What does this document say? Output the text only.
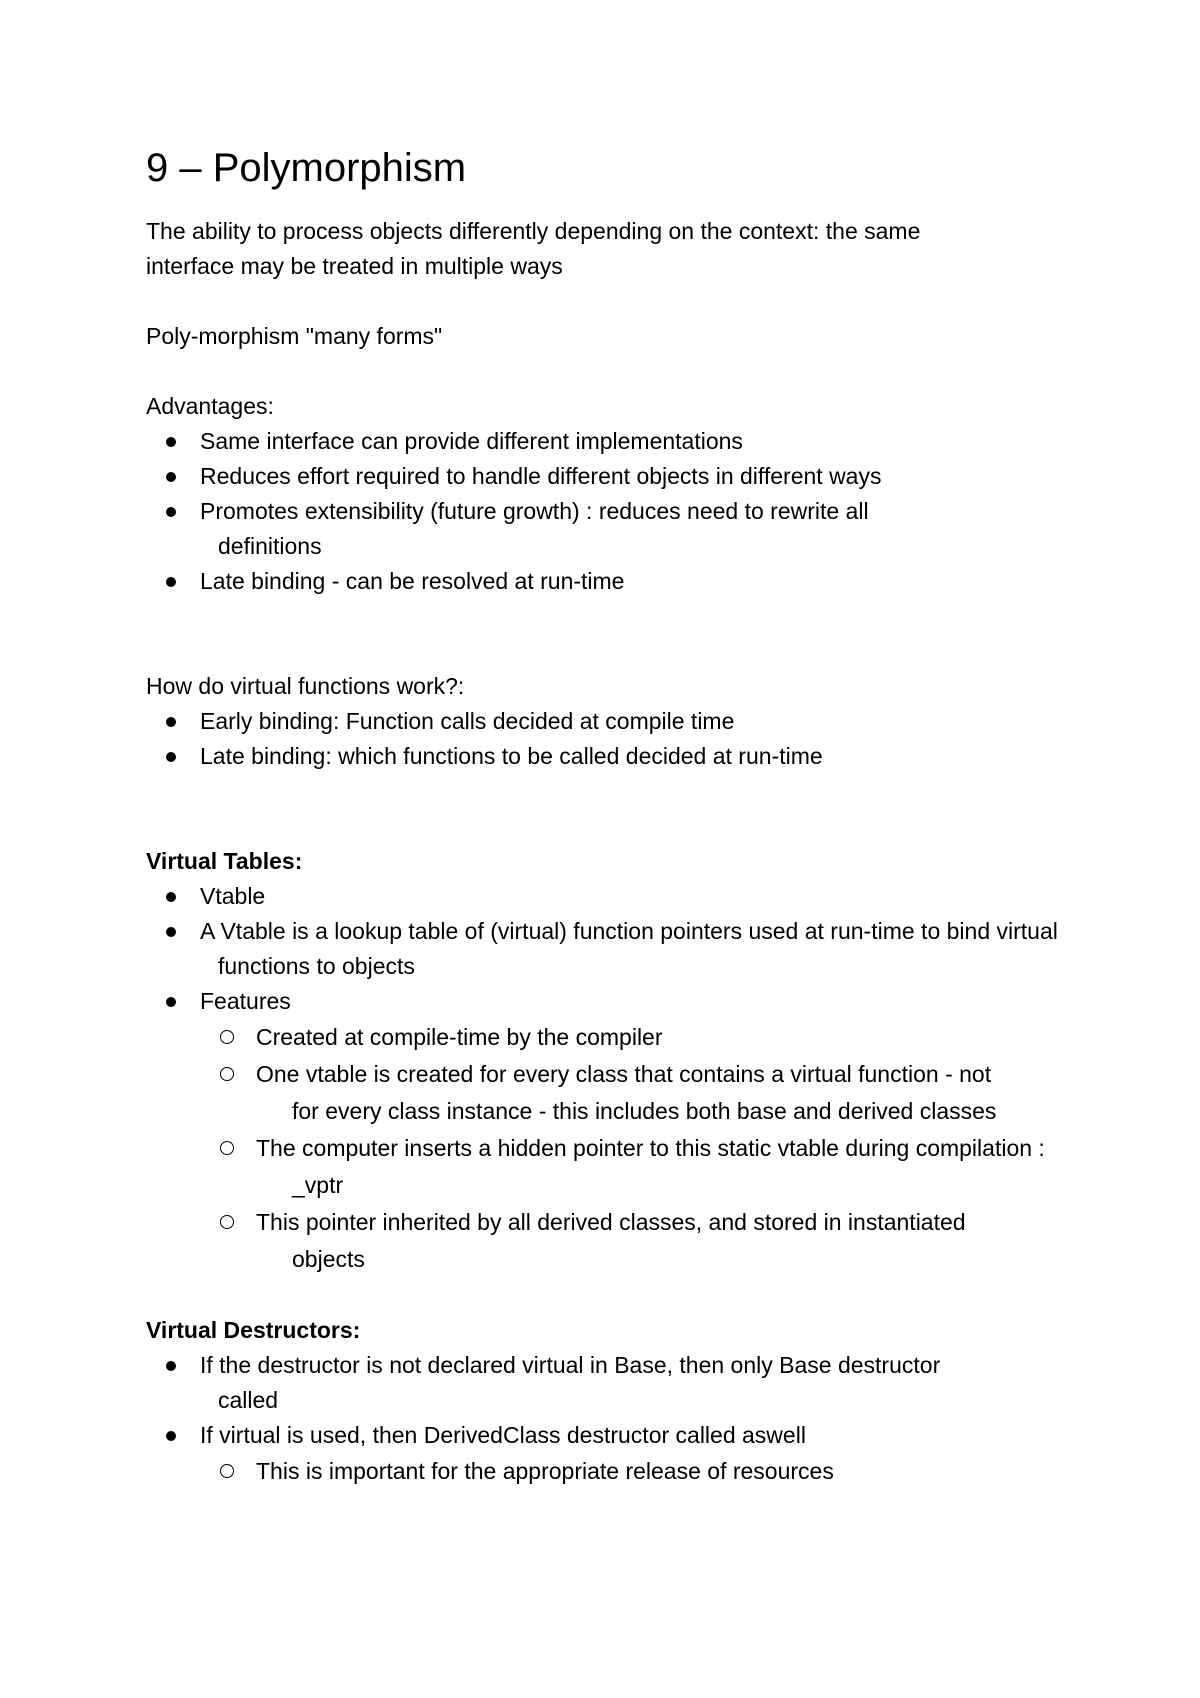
9 – Polymorphism

The ability to process objects differently depending on the context: the same

interface may be treated in multiple ways

Poly-morphism "many forms"

Advantages:

Same interface can provide different implementations
Reduces effort required to handle different objects in different ways
Promotes extensibility (future growth) : reduces need to rewrite all definitions
Late binding - can be resolved at run-time

How do virtual functions work?:

Early binding: Function calls decided at compile time
Late binding: which functions to be called decided at run-time

Virtual Tables:

Vtable
A Vtable is a lookup table of (virtual) function pointers used at run-time to bind virtual functions to objects
Features
Created at compile-time by the compiler
One vtable is created for every class that contains a virtual function - not for every class instance - this includes both base and derived classes
The computer inserts a hidden pointer to this static vtable during compilation : _vptr
This pointer inherited by all derived classes, and stored in instantiated objects

Virtual Destructors:

If the destructor is not declared virtual in Base, then only Base destructor called
If virtual is used, then DerivedClass destructor called aswell
This is important for the appropriate release of resources
